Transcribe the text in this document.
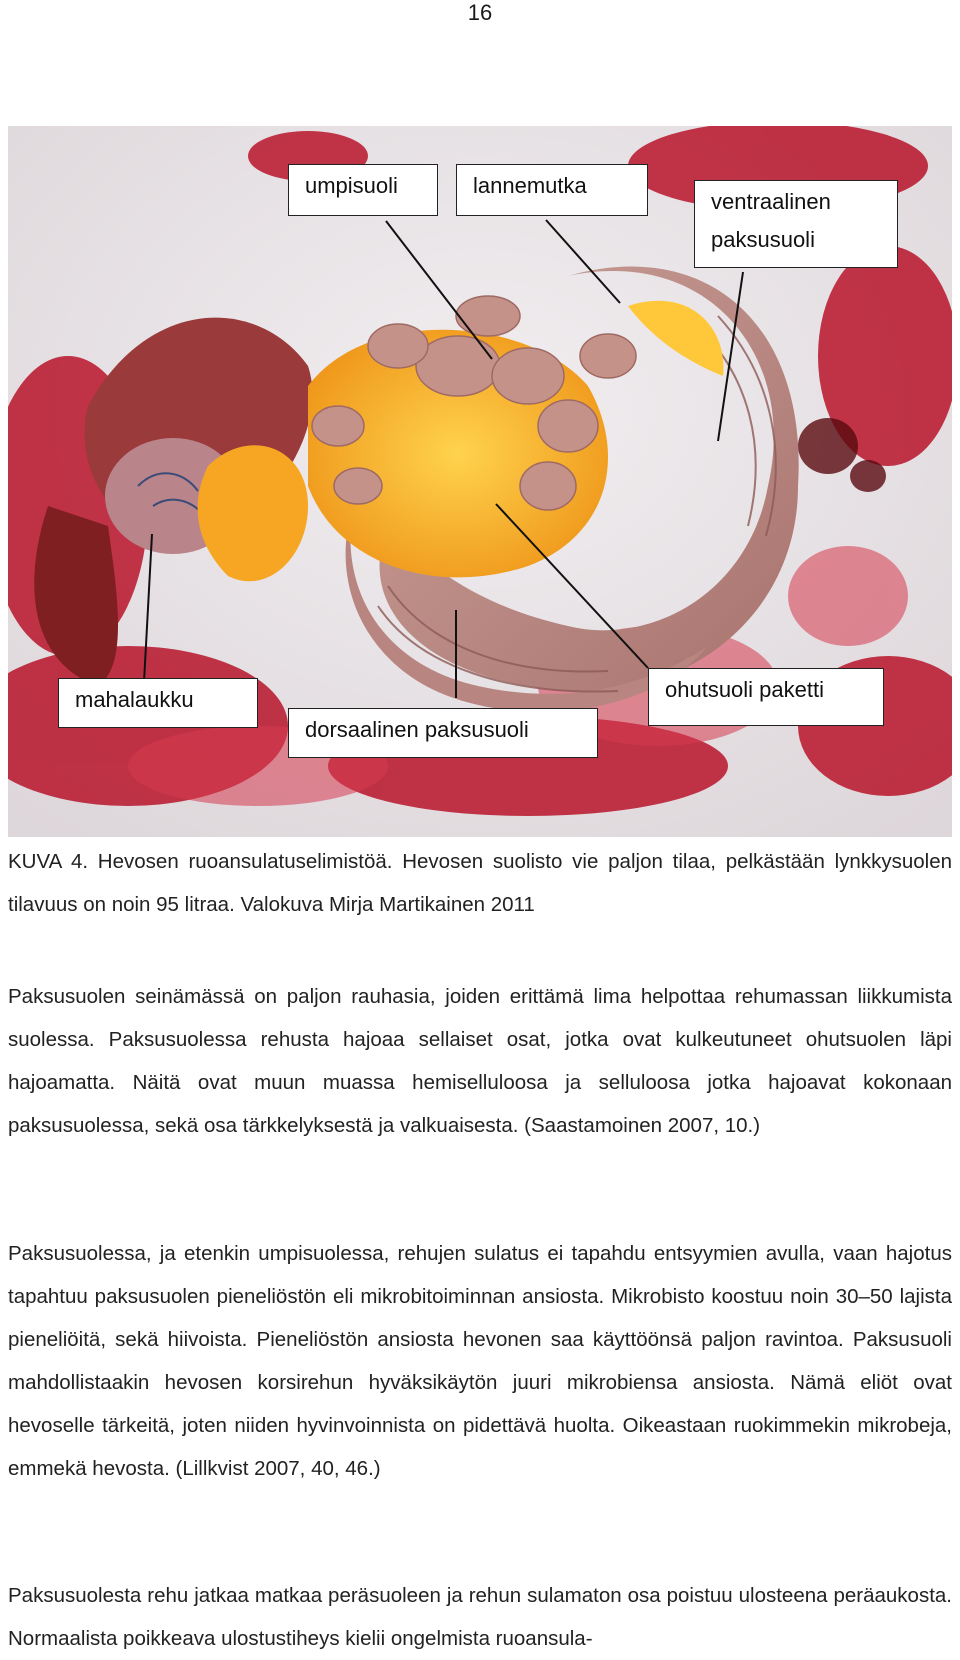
16
umpisuoli	lannemutka
ventraalinen
paksusuoli
mahalaukku
dorsaalinen paksusuoli
ohutsuoli paketti

KUVA 4. Hevosen ruoansulatuselimistöä. Hevosen suolisto vie paljon tilaa, pelkästään lynkkysuolen tilavuus on noin 95 litraa. Valokuva Mirja Martikainen 2011

Paksusuolen seinämässä on paljon rauhasia, joiden erittämä lima helpottaa rehumassan liikkumista suolessa. Paksusuolessa rehusta hajoaa sellaiset osat, jotka ovat kulkeutuneet ohutsuolen läpi hajoamatta. Näitä ovat muun muassa hemiselluloosa ja selluloosa jotka hajoavat kokonaan paksusuolessa, sekä osa tärkkelyksestä ja valkuaisesta. (Saastamoinen 2007, 10.)

Paksusuolessa, ja etenkin umpisuolessa, rehujen sulatus ei tapahdu entsyymien avulla, vaan hajotus tapahtuu paksusuolen pieneliöstön eli mikrobitoiminnan ansiosta. Mikrobisto koostuu noin 30–50 lajista pieneliöitä, sekä hiivoista. Pieneliöstön ansiosta hevonen saa käyttöönsä paljon ravintoa. Paksusuoli mahdollistaakin hevosen korsirehun hyväksikäytön juuri mikrobiensa ansiosta. Nämä eliöt ovat hevoselle tärkeitä, joten niiden hyvinvoinnista on pidettävä huolta. Oikeastaan ruokimmekin mikrobeja, emmekä hevosta. (Lillkvist 2007, 40, 46.)

Paksusuolesta rehu jatkaa matkaa peräsuoleen ja rehun sulamaton osa poistuu ulosteena peräaukosta. Normaalista poikkeava ulostustiheys kielii ongelmista ruoansula-
